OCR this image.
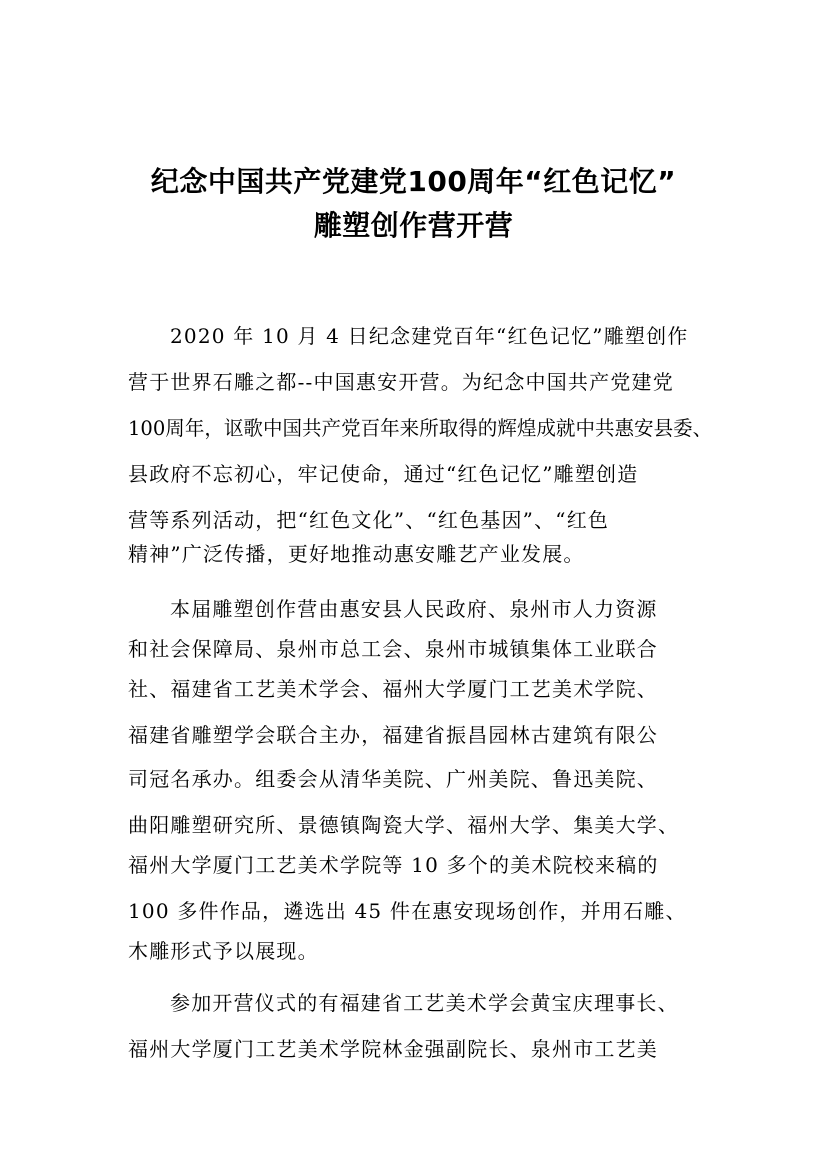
纪念中国共产党建党100周年“红色记忆”
雕塑创作营开营
2020 年 10 月 4 日纪念建党百年“红色记忆”雕塑创作
营于世界石雕之都--中国惠安开营。为纪念中国共产党建党
100周年，讴歌中国共产党百年来所取得的辉煌成就中共惠安县委、
县政府不忘初心，牢记使命，通过“红色记忆”雕塑创造
营等系列活动，把“红色文化”、“红色基因”、“红色
精神”广泛传播，更好地推动惠安雕艺产业发展。
本届雕塑创作营由惠安县人民政府、泉州市人力资源
和社会保障局、泉州市总工会、泉州市城镇集体工业联合
社、福建省工艺美术学会、福州大学厦门工艺美术学院、
福建省雕塑学会联合主办，福建省振昌园林古建筑有限公
司冠名承办。组委会从清华美院、广州美院、鲁迅美院、
曲阳雕塑研究所、景德镇陶瓷大学、福州大学、集美大学、
福州大学厦门工艺美术学院等 10 多个的美术院校来稿的
100 多件作品，遴选出 45 件在惠安现场创作，并用石雕、
木雕形式予以展现。
参加开营仪式的有福建省工艺美术学会黄宝庆理事长、
福州大学厦门工艺美术学院林金强副院长、泉州市工艺美
